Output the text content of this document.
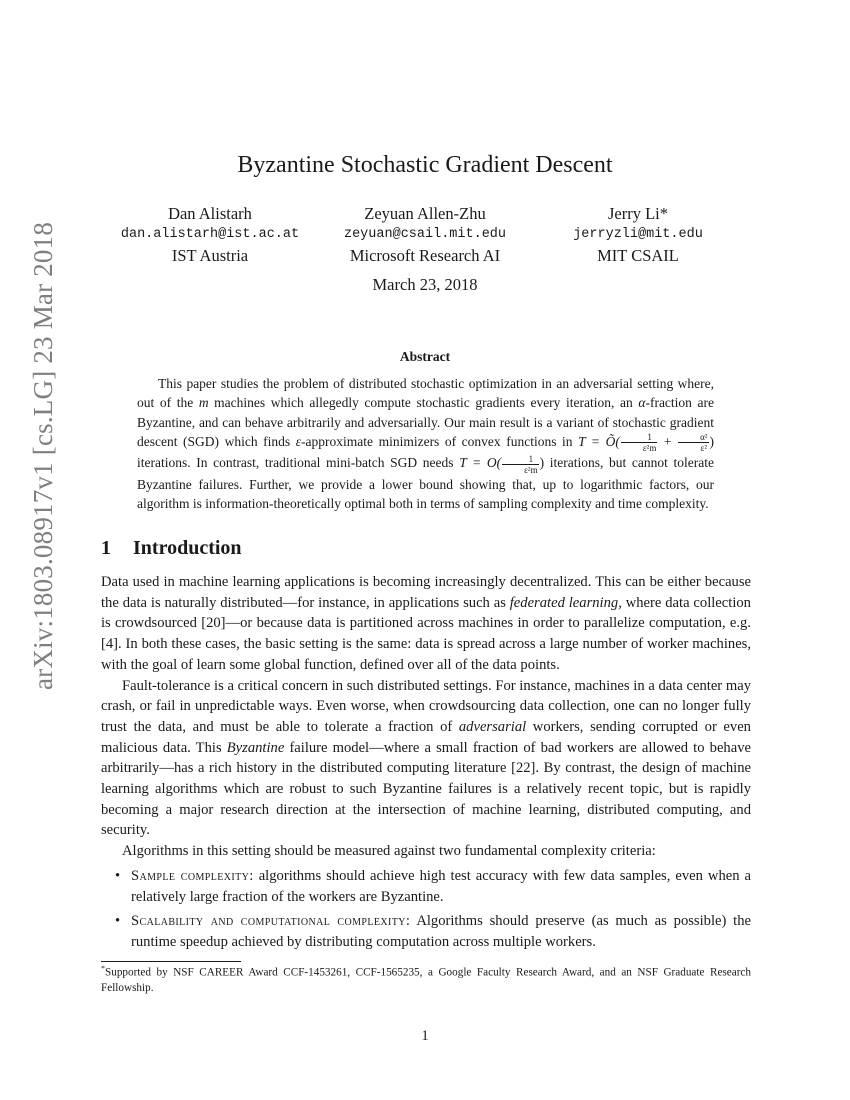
arXiv:1803.08917v1 [cs.LG] 23 Mar 2018
Byzantine Stochastic Gradient Descent
Dan Alistarh
dan.alistarh@ist.ac.at
IST Austria
Zeyuan Allen-Zhu
zeyuan@csail.mit.edu
Microsoft Research AI
Jerry Li*
jerryzli@mit.edu
MIT CSAIL
March 23, 2018
Abstract

This paper studies the problem of distributed stochastic optimization in an adversarial setting where, out of the m machines which allegedly compute stochastic gradients every iteration, an α-fraction are Byzantine, and can behave arbitrarily and adversarially. Our main result is a variant of stochastic gradient descent (SGD) which finds ε-approximate minimizers of convex functions in T = Õ( $\frac{1}{\text{ε²m}} + \frac{\text{α²}}{\text{ε²}}$ ) iterations. In contrast, traditional mini-batch SGD needs $T = O( \frac{1}{\text{ε²m}}$ ) iterations, but cannot tolerate Byzantine failures. Further, we provide a lower bound showing that, up to logarithmic factors, our algorithm is information-theoretically optimal both in terms of sampling complexity and time complexity.

1 Introduction

Data used in machine learning applications is becoming increasingly decentralized. This can be either because the data is naturally distributed—for instance, in applications such as federated learning, where data collection is crowdsourced [20]—or because data is partitioned across machines in order to parallelize computation, e.g. [4]. In both these cases, the basic setting is the same: data is spread across a large number of worker machines, with the goal of learn some global function, defined over all of the data points.

Fault-tolerance is a critical concern in such distributed settings. For instance, machines in a data center may crash, or fail in unpredictable ways. Even worse, when crowdsourcing data collection, one can no longer fully trust the data, and must be able to tolerate a fraction of adversarial workers, sending corrupted or even malicious data. This Byzantine failure model—where a small fraction of bad workers are allowed to behave arbitrarily—has a rich history in the distributed computing literature [22]. By contrast, the design of machine learning algorithms which are robust to such Byzantine failures is a relatively recent topic, but is rapidly becoming a major research direction at the intersection of machine learning, distributed computing, and security.

Algorithms in this setting should be measured against two fundamental complexity criteria:

• Sample complexity: algorithms should achieve high test accuracy with few data samples, even when a relatively large fraction of the workers are Byzantine.
• Scalability and computational complexity: Algorithms should preserve (as much as possible) the runtime speedup achieved by distributing computation across multiple workers.
*Supported by NSF CAREER Award CCF-1453261, CCF-1565235, a Google Faculty Research Award, and an NSF Graduate Research Fellowship.
1
